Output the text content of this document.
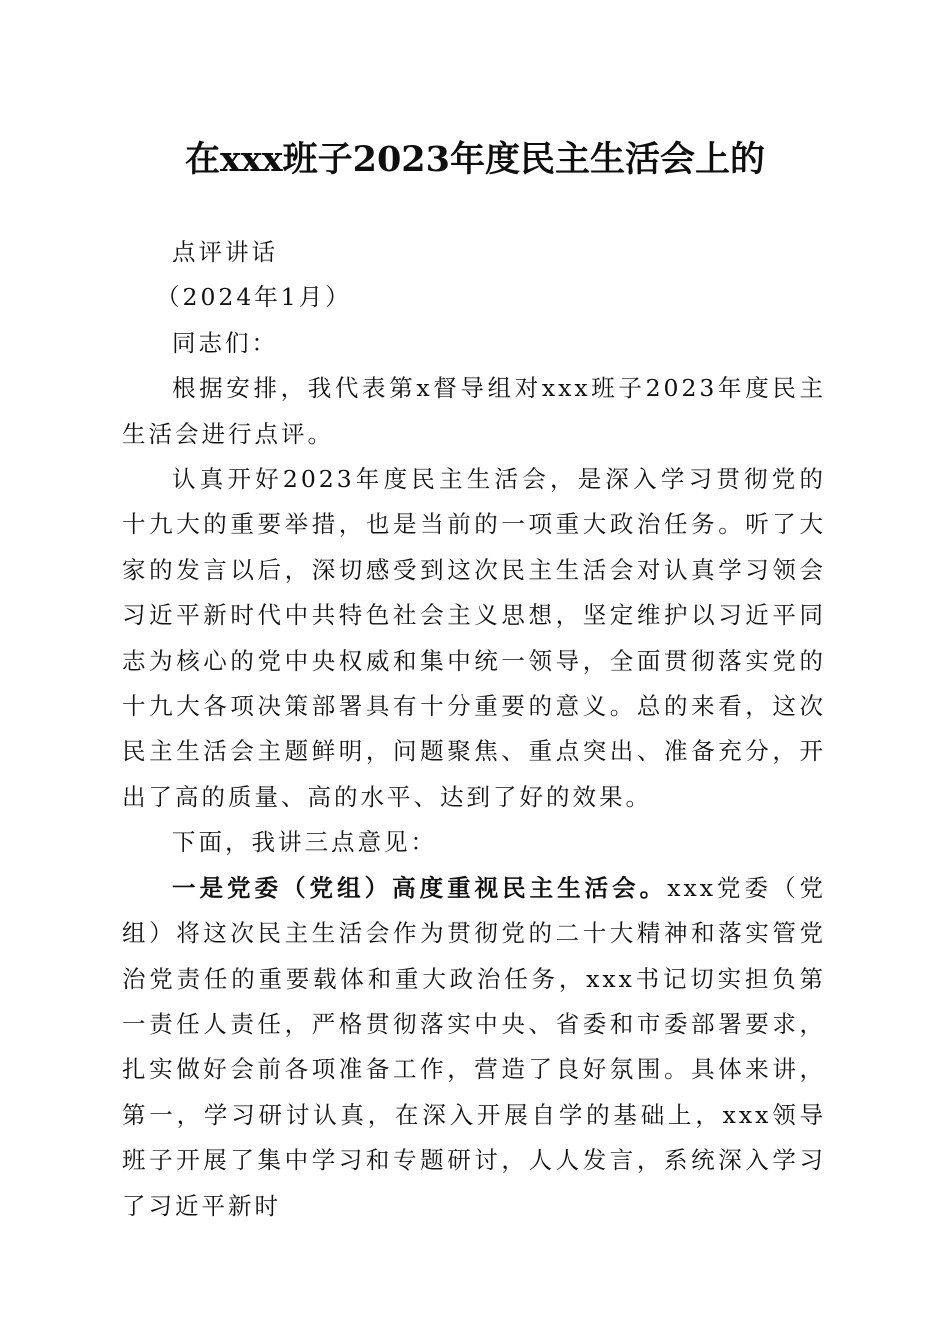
在xxx班子2023年度民主生活会上的

点评讲话

（2024年1月）

同志们：

根据安排，我代表第x督导组对xxx班子2023年度民主生活会进行点评。

认真开好2023年度民主生活会，是深入学习贯彻党的十九大的重要举措，也是当前的一项重大政治任务。听了大家的发言以后，深切感受到这次民主生活会对认真学习领会习近平新时代中共特色社会主义思想，坚定维护以习近平同志为核心的党中央权威和集中统一领导，全面贯彻落实党的十九大各项决策部署具有十分重要的意义。总的来看，这次民主生活会主题鲜明，问题聚焦、重点突出、准备充分，开出了高的质量、高的水平、达到了好的效果。

下面，我讲三点意见：

一是党委（党组）高度重视民主生活会。xxx党委（党组）将这次民主生活会作为贯彻党的二十大精神和落实管党治党责任的重要载体和重大政治任务，xxx书记切实担负第一责任人责任，严格贯彻落实中央、省委和市委部署要求，扎实做好会前各项准备工作，营造了良好氛围。具体来讲，第一，学习研讨认真，在深入开展自学的基础上，xxx领导班子开展了集中学习和专题研讨，人人发言，系统深入学习了习近平新时
